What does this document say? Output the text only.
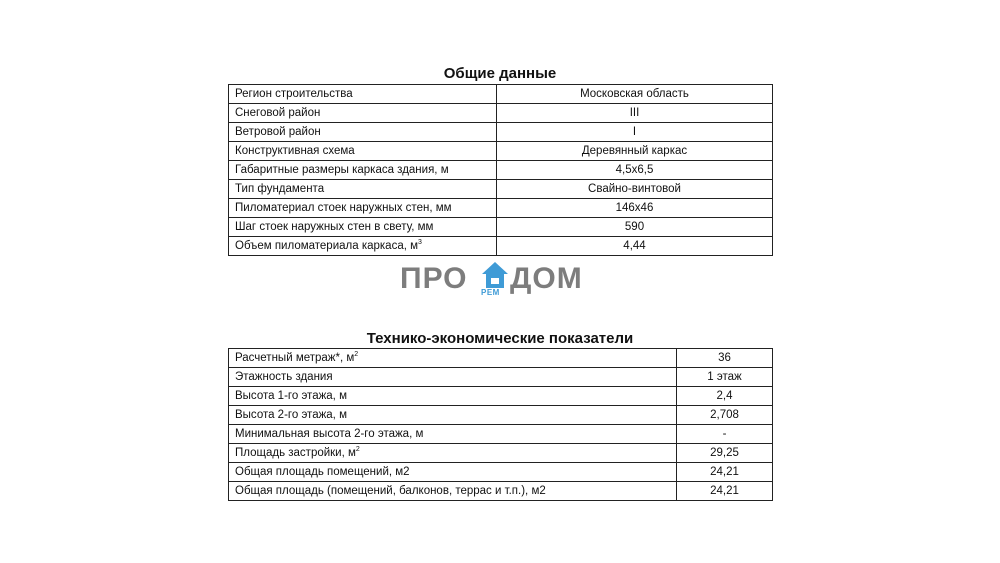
Общие данные
Регион строительства	Московская область
Снеговой район	III
Ветровой район	I
Конструктивная схема	Деревянный каркас
Габаритные размеры каркаса здания, м	4,5x6,5
Тип фундамента	Свайно-винтовой
Пиломатериал стоек наружных стен, мм	146x46
Шаг стоек наружных стен в свету, мм	590
Объем пиломатериала каркаса, $м^3$	4,44
ПРО РЕМ ДОМ
Технико-экономические показатели
Расчетный метраж*, $м^2$	36
Этажность здания	1 этаж
Высота 1-го этажа, м	2,4
Высота 2-го этажа, м	2,708
Минимальная высота 2-го этажа, м	-
Площадь застройки, $м^2$	29,25
Общая площадь помещений, м2	24,21
Общая площадь (помещений, балконов, террас и т.п.), м2	24,21
